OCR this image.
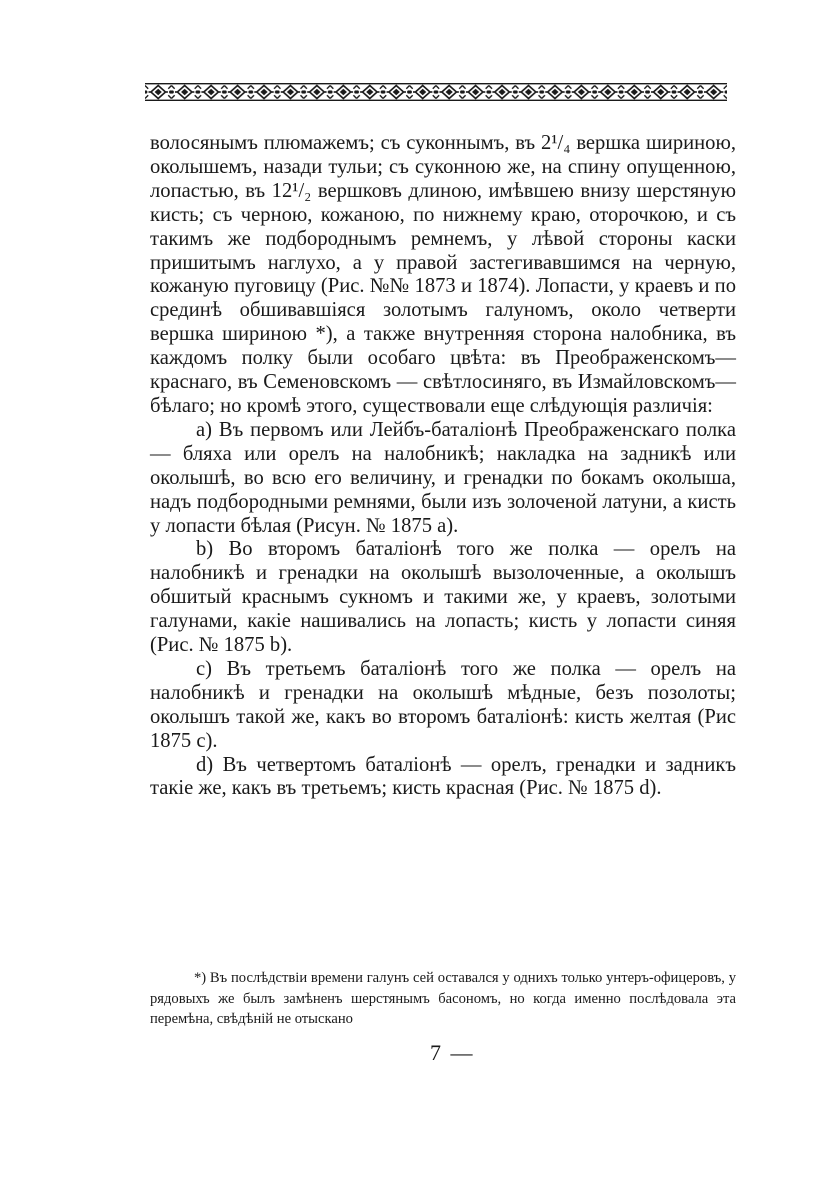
волосянымъ плюмажемъ; съ суконнымъ, въ 2¹/₄ вершка шириною, околышемъ, назади тульи; съ суконною же, на спину опущенною, лопастью, въ 12¹/₂ вершковъ длиною, имѣвшею внизу шерстяную кисть; съ черною, кожаною, по нижнему краю, оторочкою, и съ такимъ же подбороднымъ ремнемъ, у лѣвой стороны каски пришитымъ наглухо, а у правой застегивавшимся на черную, кожаную пуговицу (Рис. №№ 1873 и 1874). Лопасти, у краевъ и по срединѣ обшивавшіяся золотымъ галуномъ, около четверти вершка шириною *), а также внутренняя сторона налобника, въ каждомъ полку были особаго цвѣта: въ Преображенскомъ— краснаго, въ Семеновскомъ — свѣтлосиняго, въ Измайловскомъ—бѣлаго; но кромѣ этого, существовали еще слѣдующія различія:

a) Въ первомъ или Лейбъ-баталіонѣ Преображенскаго полка — бляха или орелъ на налобникѣ; накладка на задникѣ или околышѣ, во всю его величину, и гренадки по бокамъ околыша, надъ подбородными ремнями, были изъ золоченой латуни, а кисть у лопасти бѣлая (Рисун. № 1875 a).

b) Во второмъ баталіонѣ того же полка — орелъ на налобникѣ и гренадки на околышѣ вызолоченные, а околышъ обшитый краснымъ сукномъ и такими же, у краевъ, золотыми галунами, какіе нашивались на лопасть; кисть у лопасти синяя (Рис. № 1875 b).

c) Въ третьемъ баталіонѣ того же полка — орелъ на налобникѣ и гренадки на околышѣ мѣдные, безъ позолоты; околышъ такой же, какъ во второмъ баталіонѣ: кисть желтая (Рис 1875 c).

d) Въ четвертомъ баталіонѣ — орелъ, гренадки и задникъ такіе же, какъ въ третьемъ; кисть красная (Рис. № 1875 d).

*) Въ послѣдствіи времени галунъ сей оставался у однихъ только унтеръ-офицеровъ, у рядовыхъ же былъ замѣненъ шерстянымъ басономъ, но когда именно послѣдовала эта перемѣна, свѣдѣній не отыскано

7 —
